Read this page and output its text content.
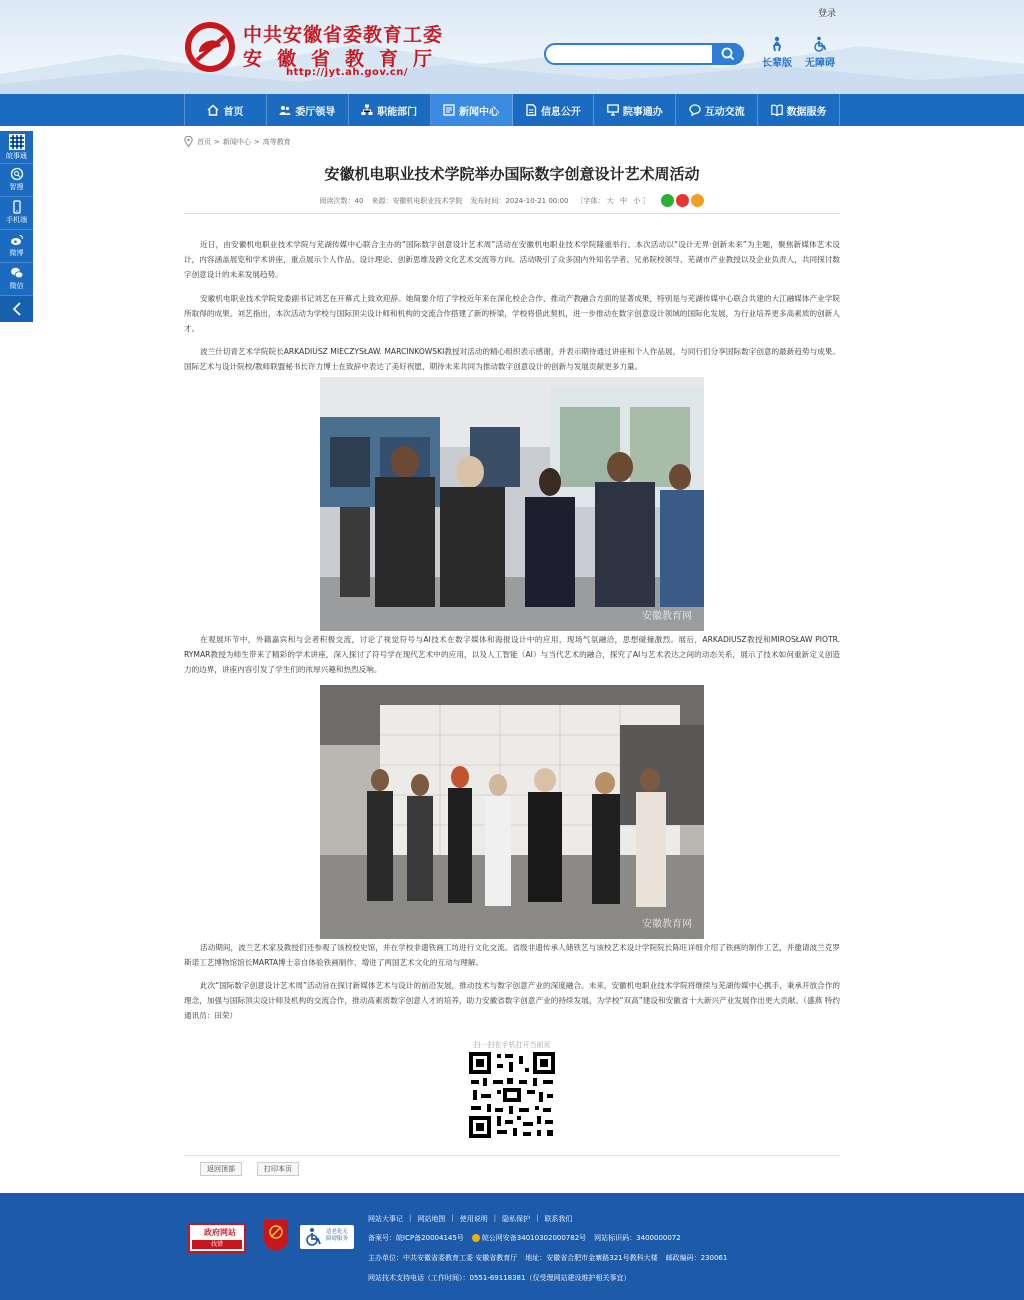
登录
中共安徽省委教育工委
安徽省教育厅
http://jyt.ah.gov.cn/
长辈版	无障碍
首页	委厅领导	职能部门	新闻中心	信息公开	院事通办	互动交流	数据服务
皖事通
智搜
手机端
微博
微信
首页 > 新闻中心 > 高等教育
安徽机电职业技术学院举办国际数字创意设计艺术周活动
阅读次数：40 来源：安徽机电职业技术学院 发布时间：2024-10-21 00:00 ［字体： 大 中 小 ］

近日，由安徽机电职业技术学院与芜湖传媒中心联合主办的“国际数字创意设计艺术周”活动在安徽机电职业技术学院隆重举行。本次活动以“设计无界·创新未来”为主题，聚焦新媒体艺术设计，内容涵盖展览和学术讲座，重点展示个人作品、设计理论、创新思维及跨文化艺术交流等方向。活动吸引了众多国内外知名学者、兄弟院校领导、芜湖市产业教授以及企业负责人，共同探讨数字创意设计的未来发展趋势。

安徽机电职业技术学院党委副书记刘艺在开幕式上致欢迎辞。她简要介绍了学校近年来在深化校企合作、推动产教融合方面的显著成果，特别是与芜湖传媒中心联合共建的大江融媒体产业学院所取得的成果。刘艺指出，本次活动为学校与国际顶尖设计师和机构的交流合作搭建了新的桥梁，学校将借此契机，进一步推动在数字创意设计领域的国际化发展，为行业培养更多高素质的创新人才。

波兰什切青艺术学院院长ARKADIUSZ MIECZYSŁAW. MARCINKOWSKI教授对活动的精心组织表示感谢，并表示期待通过讲座和个人作品展，与同行们分享国际数字创意的最新趋势与成果。国际艺术与设计院校/教师联盟秘书长许力博士在致辞中表达了美好祝愿，期待未来共同为推动数字创意设计的创新与发展贡献更多力量。

安徽教育网

在观展环节中，外籍嘉宾和与会者积极交流，讨论了视觉符号与AI技术在数字媒体和海报设计中的应用，现场气氛融洽，思想碰撞激烈。展后，ARKADIUSZ教授和MIROSŁAW PIOTR. RYMAR教授为师生带来了精彩的学术讲座，深入探讨了符号学在现代艺术中的应用，以及人工智能（AI）与当代艺术的融合，探究了AI与艺术表达之间的动态关系，展示了技术如何重新定义创造力的边界，讲座内容引发了学生们的浓厚兴趣和热烈反响。

安徽教育网

活动期间，波兰艺术家及教授们还参观了该校校史馆，并在学校非遗铁画工坊进行文化交流。省级非遗传承人储铁艺与该校艺术设计学院院长陈旺详细介绍了铁画的制作工艺，并邀请波兰克罗斯诺工艺博物馆馆长MARTA博士亲自体验铁画制作，增进了两国艺术文化的互动与理解。

此次“国际数字创意设计艺术周”活动旨在探讨新媒体艺术与设计的前沿发展，推动技术与数字创意产业的深度融合。未来，安徽机电职业技术学院将继续与芜湖传媒中心携手，秉承开放合作的理念，加强与国际顶尖设计师及机构的交流合作，推动高素质数字创意人才的培养，助力安徽省数字创意产业的持续发展，为学校“双高”建设和安徽省十大新兴产业发展作出更大贡献。（盛燕 特约通讯员：田荣）

扫一扫在手机打开当前页
返回顶部	打印本页
政府网站
找错
适老化无障碍服务
网站大事记 | 网站地图 | 使用说明 | 隐私保护 | 联系我们
备案号：皖ICP备20004145号	皖公网安备34010302000782号 网站标识码：3400000072
主办单位：中共安徽省委教育工委 安徽省教育厅 地址：安徽省合肥市金寨路321号教科大楼 邮政编码：230061
网站技术支持电话（工作时间）：0551-69118381（仅受理网站建设维护相关事宜）
